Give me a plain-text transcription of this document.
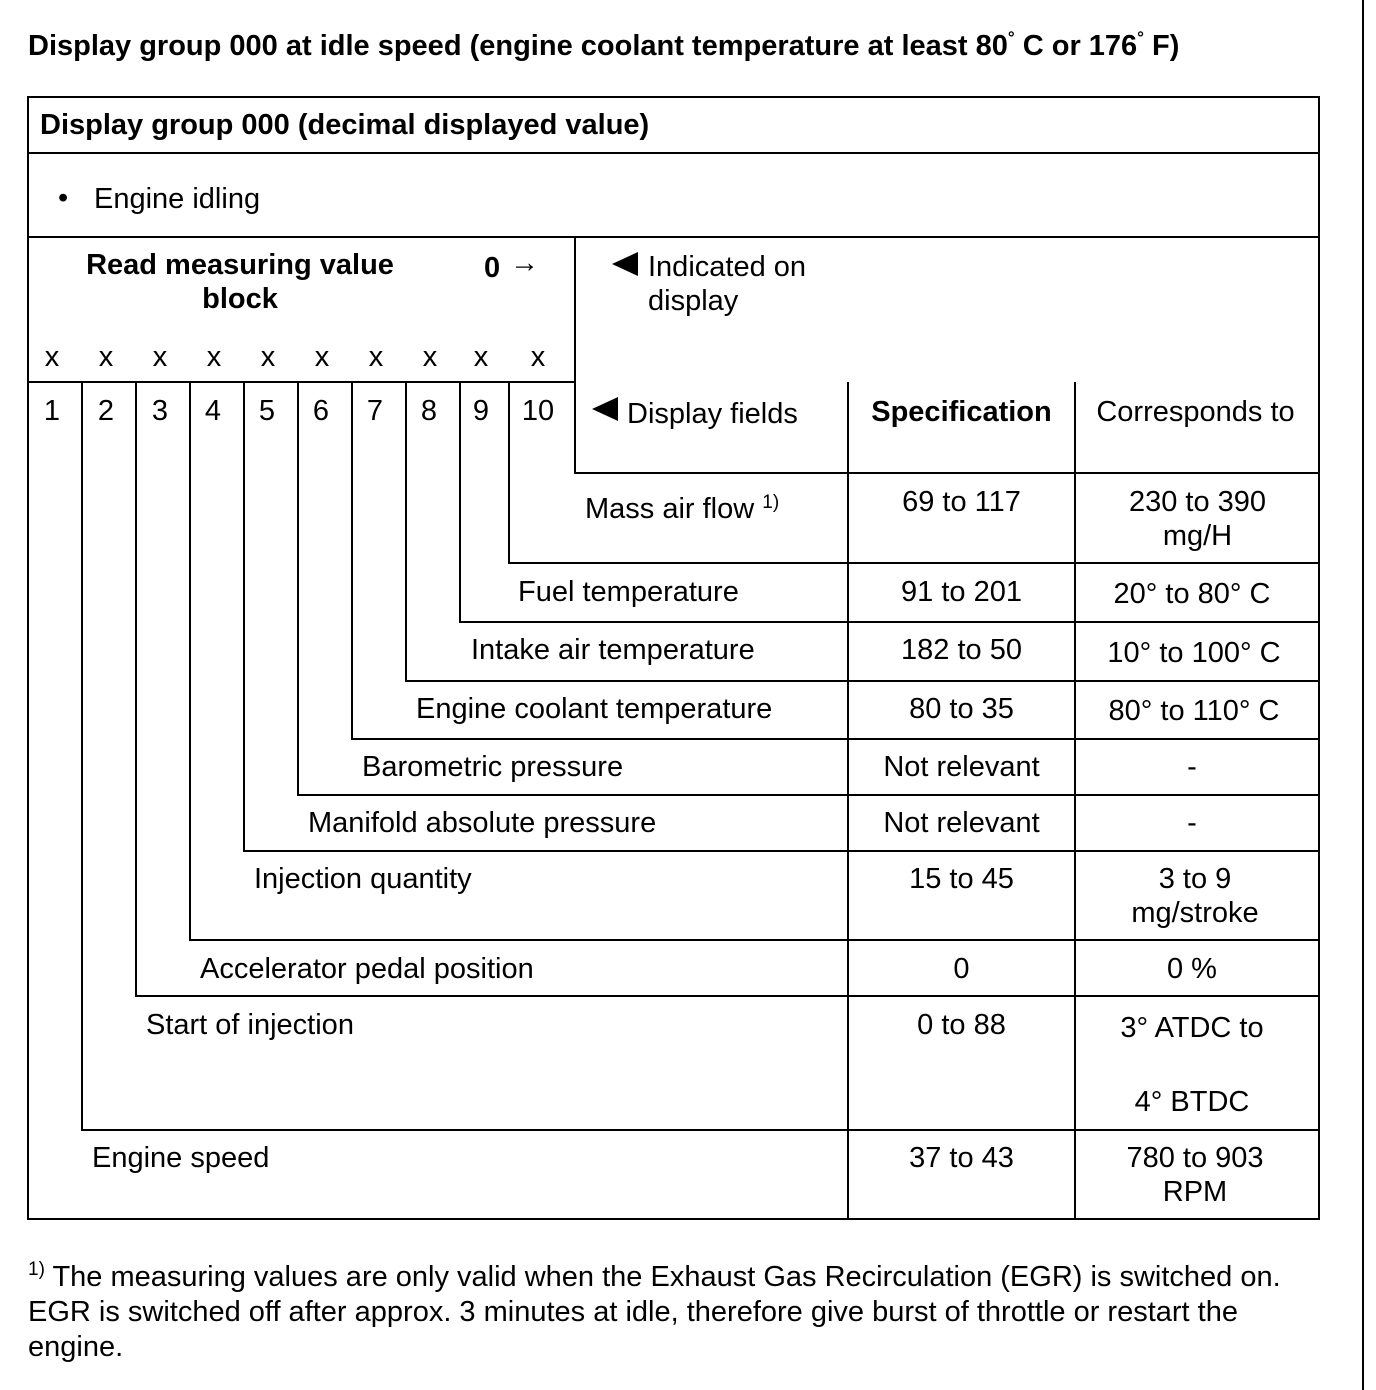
Display group 000 at idle speed (engine coolant temperature at least 80° C or 176° F)
Display group 000 (decimal displayed value)
• Engine idling
Read measuring value block
0 →	Indicated on display
x x x x x x x x x x
1	2	3	4	5	6	7	8	9	10	Display fields	Specification	Corresponds to
Mass air flow $^{1)}$	69 to 117	230 to 390 mg/H
Fuel temperature	91 to 201	20° to 80° C
Intake air temperature	182 to 50	10° to 100° C
Engine coolant temperature	80 to 35	80° to 110° C
Barometric pressure	Not relevant	-
Manifold absolute pressure	Not relevant	-
Injection quantity	15 to 45	3 to 9 mg/stroke
Accelerator pedal position	0	0 %
Start of injection	0 to 88	3° ATDC to
4° BTDC
Engine speed	37 to 43	780 to 903 RPM
$^{1)}$ The measuring values are only valid when the Exhaust Gas Recirculation (EGR) is switched on. EGR is switched off after approx. 3 minutes at idle, therefore give burst of throttle or restart the engine.
